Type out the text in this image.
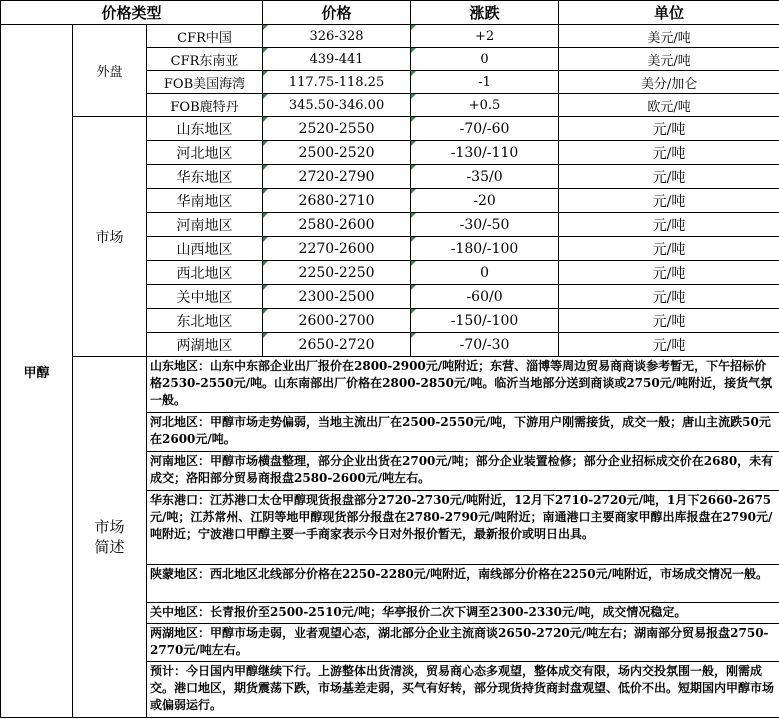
价格类型			价格	涨跌	单位
甲醇	外盘	CFR中国	326-328	+2	美元/吨
		CFR东南亚	439-441	0	美元/吨
		FOB美国海湾	117.75-118.25	-1	美分/加仑
		FOB鹿特丹	345.50-346.00	+0.5	欧元/吨
	市场	山东地区	2520-2550	-70/-60	元/吨
		河北地区	2500-2520	-130/-110	元/吨
		华东地区	2720-2790	-35/0	元/吨
		华南地区	2680-2710	-20	元/吨
		河南地区	2580-2600	-30/-50	元/吨
		山西地区	2270-2600	-180/-100	元/吨
		西北地区	2250-2250	0	元/吨
		关中地区	2300-2500	-60/0	元/吨
		东北地区	2600-2700	-150/-100	元/吨
		两湖地区	2650-2720	-70/-30	元/吨
	市场简述	山东地区：山东中东部企业出厂报价在2800-2900元/吨附近；东营、淄博等周边贸易商商谈参考暂无，下午招标价格2530-2550元/吨。山东南部出厂价格在2800-2850元/吨。临沂当地部分送到商谈或2750元/吨附近，接货气氛一般。			
		河北地区：甲醇市场走势偏弱，当地主流出厂在2500-2550元/吨，下游用户刚需接货，成交一般；唐山主流跌50元在2600元/吨。			
		河南地区：甲醇市场横盘整理，部分企业出货在2700元/吨；部分企业装置检修；部分企业招标成交价在2680，未有成交；洛阳部分贸易商报盘2580-2600元/吨左右。			
		华东港口：江苏港口太仓甲醇现货报盘部分2720-2730元/吨附近，12月下2710-2720元/吨，1月下2660-2675元/吨；江苏常州、江阴等地甲醇现货部分报盘在2780-2790元/吨附近；南通港口主要商家甲醇出库报盘在2790元/吨附近；宁波港口甲醇主要一手商家表示今日对外报价暂无，最新报价或明日出具。			
		陕蒙地区：西北地区北线部分价格在2250-2280元/吨附近，南线部分价格在2250元/吨附近，市场成交情况一般。			
		关中地区：长青报价至2500-2510元/吨；华亭报价二次下调至2300-2330元/吨，成交情况稳定。			
		两湖地区：甲醇市场走弱，业者观望心态，湖北部分企业主流商谈2650-2720元/吨左右；湖南部分贸易报盘2750-2770元/吨左右。			
		预计：今日国内甲醇继续下行。上游整体出货清淡，贸易商心态多观望，整体成交有限，场内交投氛围一般，刚需成交。港口地区，期货震荡下跌，市场基差走弱，买气有好转，部分现货持货商封盘观望、低价不出。短期国内甲醇市场或偏弱运行。			
